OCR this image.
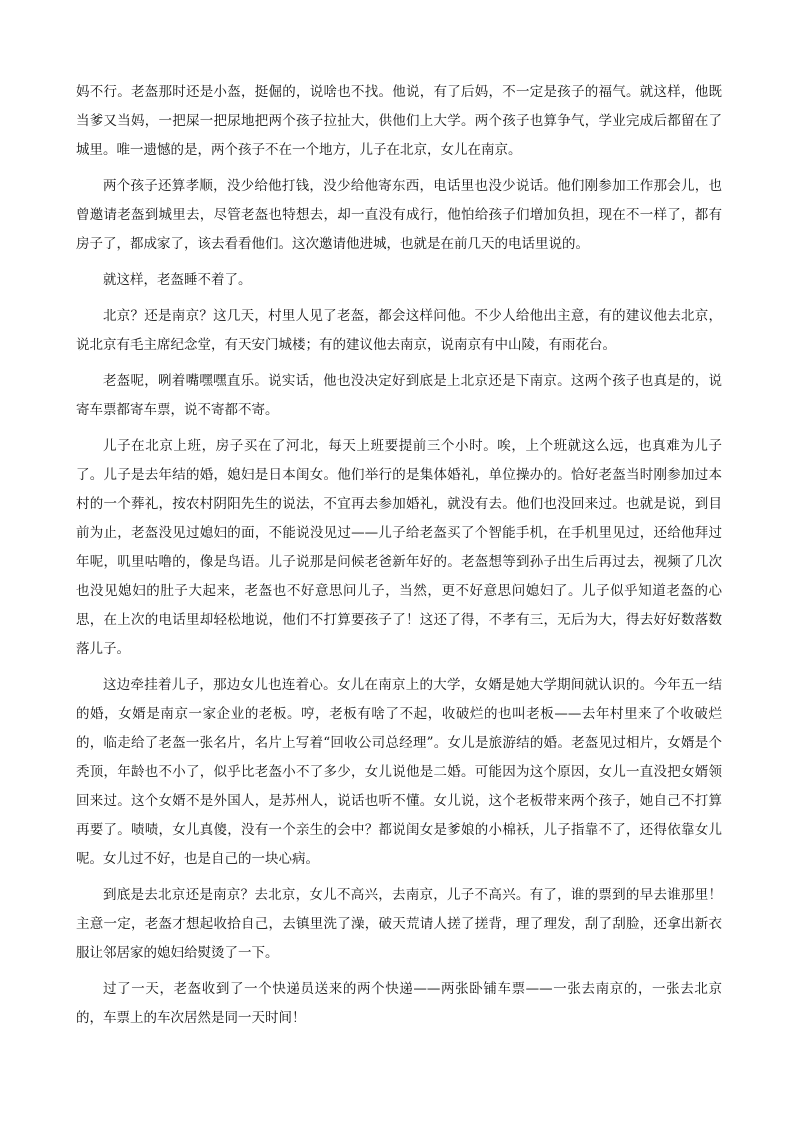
妈不行。老盔那时还是小盔，挺倔的，说啥也不找。他说，有了后妈，不一定是孩子的福气。就这样，他既当爹又当妈，一把屎一把尿地把两个孩子拉扯大，供他们上大学。两个孩子也算争气，学业完成后都留在了城里。唯一遗憾的是，两个孩子不在一个地方，儿子在北京，女儿在南京。

两个孩子还算孝顺，没少给他打钱，没少给他寄东西，电话里也没少说话。他们刚参加工作那会儿，也曾邀请老盔到城里去，尽管老盔也特想去，却一直没有成行，他怕给孩子们增加负担，现在不一样了，都有房子了，都成家了，该去看看他们。这次邀请他进城，也就是在前几天的电话里说的。

就这样，老盔睡不着了。

北京？还是南京？这几天，村里人见了老盔，都会这样问他。不少人给他出主意，有的建议他去北京，说北京有毛主席纪念堂，有天安门城楼；有的建议他去南京，说南京有中山陵，有雨花台。

老盔呢，咧着嘴嘿嘿直乐。说实话，他也没决定好到底是上北京还是下南京。这两个孩子也真是的，说寄车票都寄车票，说不寄都不寄。

儿子在北京上班，房子买在了河北，每天上班要提前三个小时。唉，上个班就这么远，也真难为儿子了。儿子是去年结的婚，媳妇是日本闺女。他们举行的是集体婚礼，单位操办的。恰好老盔当时刚参加过本村的一个葬礼，按农村阴阳先生的说法，不宜再去参加婚礼，就没有去。他们也没回来过。也就是说，到目前为止，老盔没见过媳妇的面，不能说没见过——儿子给老盔买了个智能手机，在手机里见过，还给他拜过年呢，叽里咕噜的，像是鸟语。儿子说那是问候老爸新年好的。老盔想等到孙子出生后再过去，视频了几次也没见媳妇的肚子大起来，老盔也不好意思问儿子，当然，更不好意思问媳妇了。儿子似乎知道老盔的心思，在上次的电话里却轻松地说，他们不打算要孩子了！这还了得，不孝有三，无后为大，得去好好数落数落儿子。

这边牵挂着儿子，那边女儿也连着心。女儿在南京上的大学，女婿是她大学期间就认识的。今年五一结的婚，女婿是南京一家企业的老板。哼，老板有啥了不起，收破烂的也叫老板——去年村里来了个收破烂的，临走给了老盔一张名片，名片上写着“回收公司总经理”。女儿是旅游结的婚。老盔见过相片，女婿是个秃顶，年龄也不小了，似乎比老盔小不了多少，女儿说他是二婚。可能因为这个原因，女儿一直没把女婿领回来过。这个女婿不是外国人，是苏州人，说话也听不懂。女儿说，这个老板带来两个孩子，她自己不打算再要了。啧啧，女儿真傻，没有一个亲生的会中？都说闺女是爹娘的小棉袄，儿子指靠不了，还得依靠女儿呢。女儿过不好，也是自己的一块心病。

到底是去北京还是南京？去北京，女儿不高兴，去南京，儿子不高兴。有了，谁的票到的早去谁那里！主意一定，老盔才想起收拾自己，去镇里洗了澡，破天荒请人搓了搓背，理了理发，刮了刮脸，还拿出新衣服让邻居家的媳妇给熨烫了一下。

过了一天，老盔收到了一个快递员送来的两个快递——两张卧铺车票——一张去南京的，一张去北京的，车票上的车次居然是同一天时间！
